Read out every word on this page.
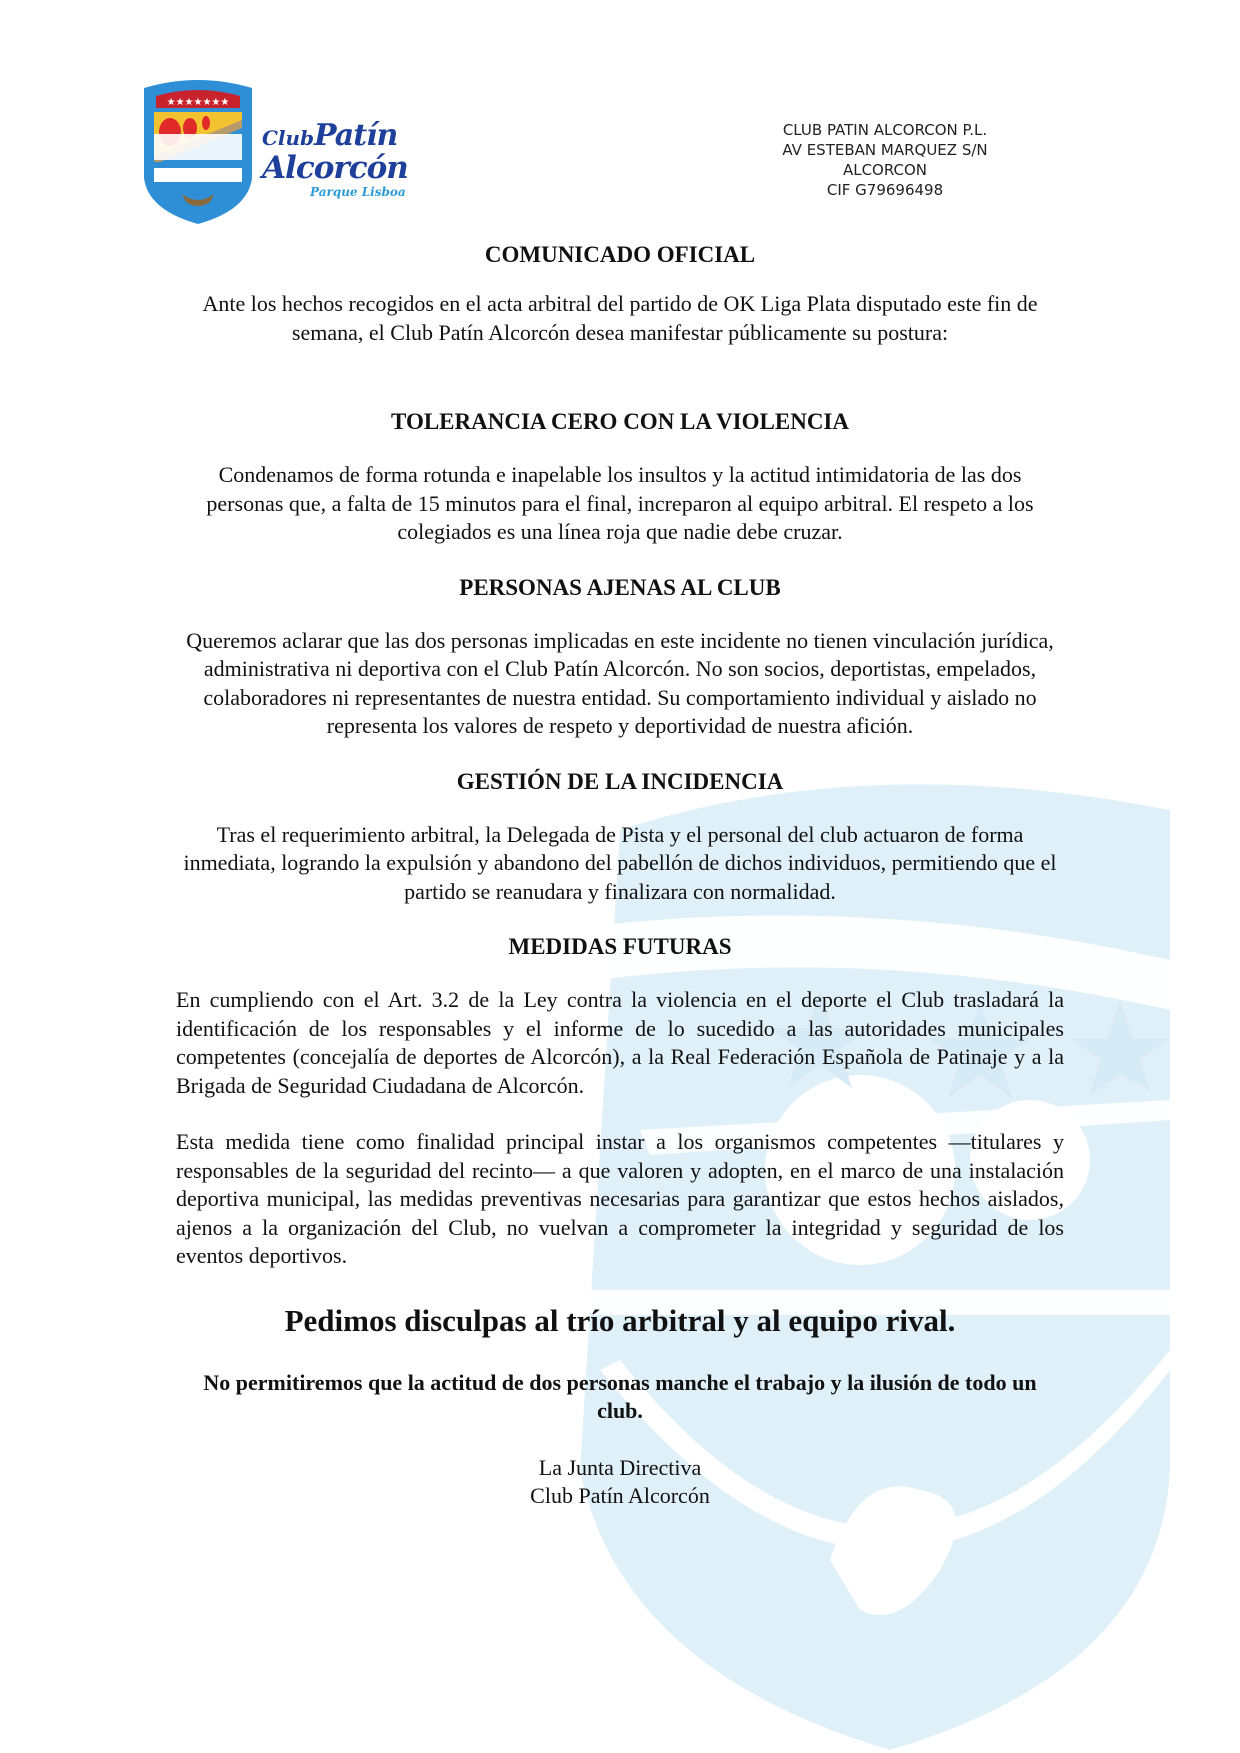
★★★★★★★
ClubPatín
Alcorcón
Parque Lisboa
CLUB PATIN ALCORCON P.L.
AV ESTEBAN MARQUEZ S/N
ALCORCON
CIF G79696498
COMUNICADO OFICIAL

Ante los hechos recogidos en el acta arbitral del partido de OK Liga Plata disputado este fin de semana, el Club Patín Alcorcón desea manifestar públicamente su postura:

TOLERANCIA CERO CON LA VIOLENCIA

Condenamos de forma rotunda e inapelable los insultos y la actitud intimidatoria de las dos personas que, a falta de 15 minutos para el final, increparon al equipo arbitral. El respeto a los colegiados es una línea roja que nadie debe cruzar.

PERSONAS AJENAS AL CLUB

Queremos aclarar que las dos personas implicadas en este incidente no tienen vinculación jurídica, administrativa ni deportiva con el Club Patín Alcorcón. No son socios, deportistas, empelados, colaboradores ni representantes de nuestra entidad. Su comportamiento individual y aislado no representa los valores de respeto y deportividad de nuestra afición.

GESTIÓN DE LA INCIDENCIA

Tras el requerimiento arbitral, la Delegada de Pista y el personal del club actuaron de forma inmediata, logrando la expulsión y abandono del pabellón de dichos individuos, permitiendo que el partido se reanudara y finalizara con normalidad.

MEDIDAS FUTURAS

En cumpliendo con el Art. 3.2 de la Ley contra la violencia en el deporte el Club trasladará la identificación de los responsables y el informe de lo sucedido a las autoridades municipales competentes (concejalía de deportes de Alcorcón), a la Real Federación Española de Patinaje y a la Brigada de Seguridad Ciudadana de Alcorcón.

Esta medida tiene como finalidad principal instar a los organismos competentes —titulares y responsables de la seguridad del recinto— a que valoren y adopten, en el marco de una instalación deportiva municipal, las medidas preventivas necesarias para garantizar que estos hechos aislados, ajenos a la organización del Club, no vuelvan a comprometer la integridad y seguridad de los eventos deportivos.

Pedimos disculpas al trío arbitral y al equipo rival.

No permitiremos que la actitud de dos personas manche el trabajo y la ilusión de todo un club.

La Junta Directiva
Club Patín Alcorcón
